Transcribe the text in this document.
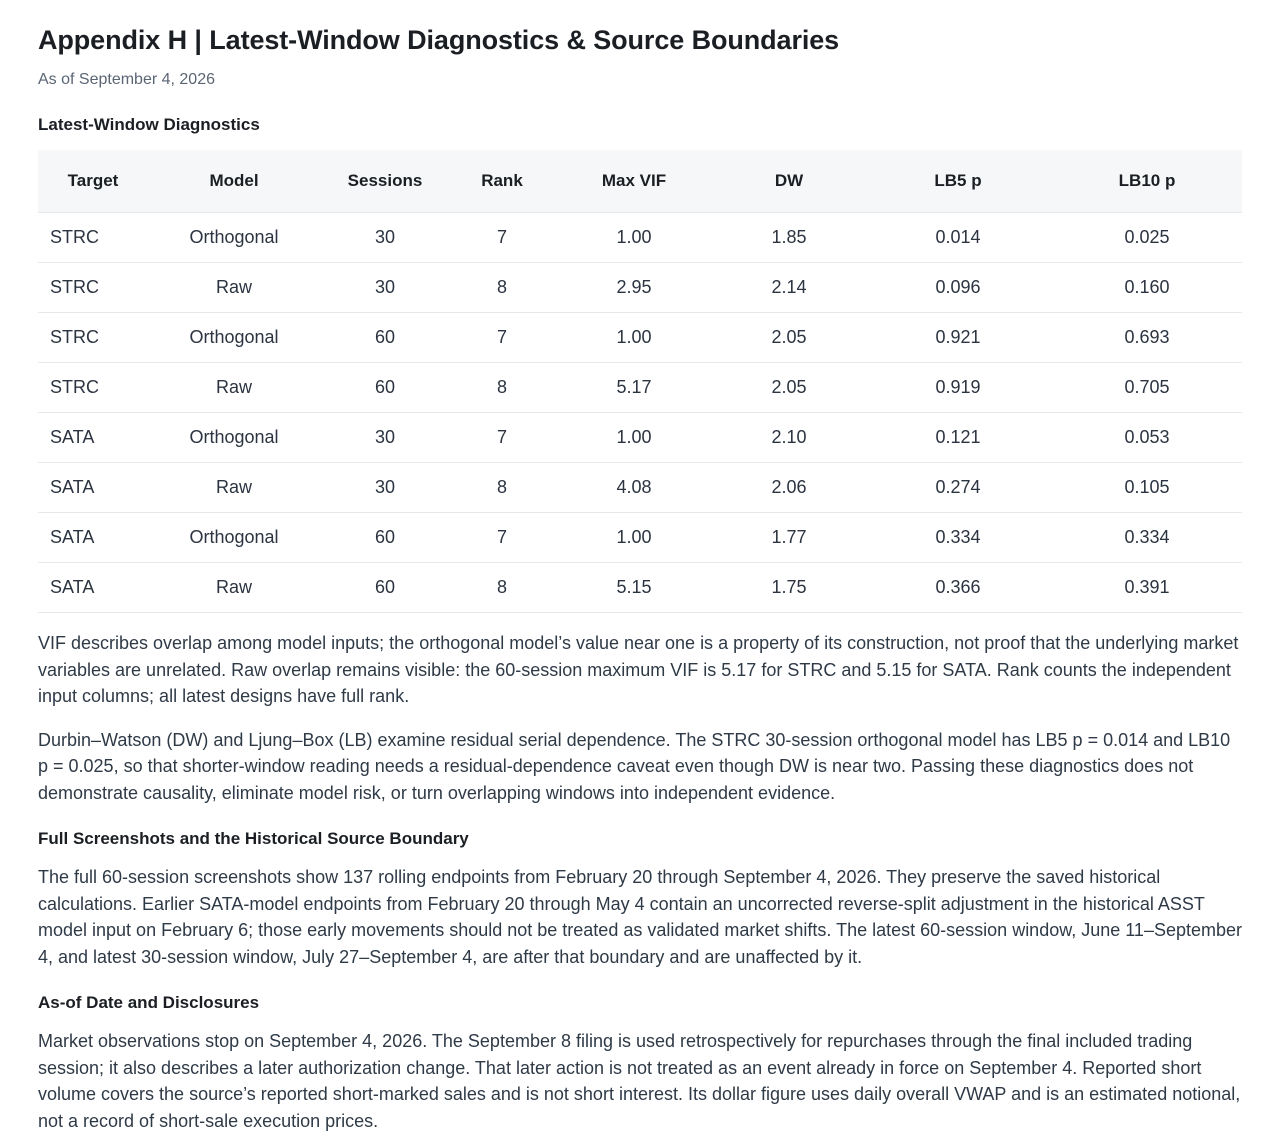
Appendix H | Latest-Window Diagnostics & Source Boundaries
As of September 4, 2026
Latest-Window Diagnostics
Target	Model	Sessions	Rank	Max VIF	DW	LB5 p	LB10 p
STRC	Orthogonal	30	7	1.00	1.85	0.014	0.025
STRC	Raw	30	8	2.95	2.14	0.096	0.160
STRC	Orthogonal	60	7	1.00	2.05	0.921	0.693
STRC	Raw	60	8	5.17	2.05	0.919	0.705
SATA	Orthogonal	30	7	1.00	2.10	0.121	0.053
SATA	Raw	30	8	4.08	2.06	0.274	0.105
SATA	Orthogonal	60	7	1.00	1.77	0.334	0.334
SATA	Raw	60	8	5.15	1.75	0.366	0.391

VIF describes overlap among model inputs; the orthogonal model’s value near one is a property of its construction, not proof that the underlying market variables are unrelated. Raw overlap remains visible: the 60-session maximum VIF is 5.17 for STRC and 5.15 for SATA. Rank counts the independent input columns; all latest designs have full rank.

Durbin–Watson (DW) and Ljung–Box (LB) examine residual serial dependence. The STRC 30-session orthogonal model has LB5 p = 0.014 and LB10 p = 0.025, so that shorter-window reading needs a residual-dependence caveat even though DW is near two. Passing these diagnostics does not demonstrate causality, eliminate model risk, or turn overlapping windows into independent evidence.

Full Screenshots and the Historical Source Boundary

The full 60-session screenshots show 137 rolling endpoints from February 20 through September 4, 2026. They preserve the saved historical calculations. Earlier SATA-model endpoints from February 20 through May 4 contain an uncorrected reverse-split adjustment in the historical ASST model input on February 6; those early movements should not be treated as validated market shifts. The latest 60-session window, June 11–September 4, and latest 30-session window, July 27–September 4, are after that boundary and are unaffected by it.

As-of Date and Disclosures

Market observations stop on September 4, 2026. The September 8 filing is used retrospectively for repurchases through the final included trading session; it also describes a later authorization change. That later action is not treated as an event already in force on September 4. Reported short volume covers the source’s reported short-marked sales and is not short interest. Its dollar figure uses daily overall VWAP and is an estimated notional, not a record of short-sale execution prices.
